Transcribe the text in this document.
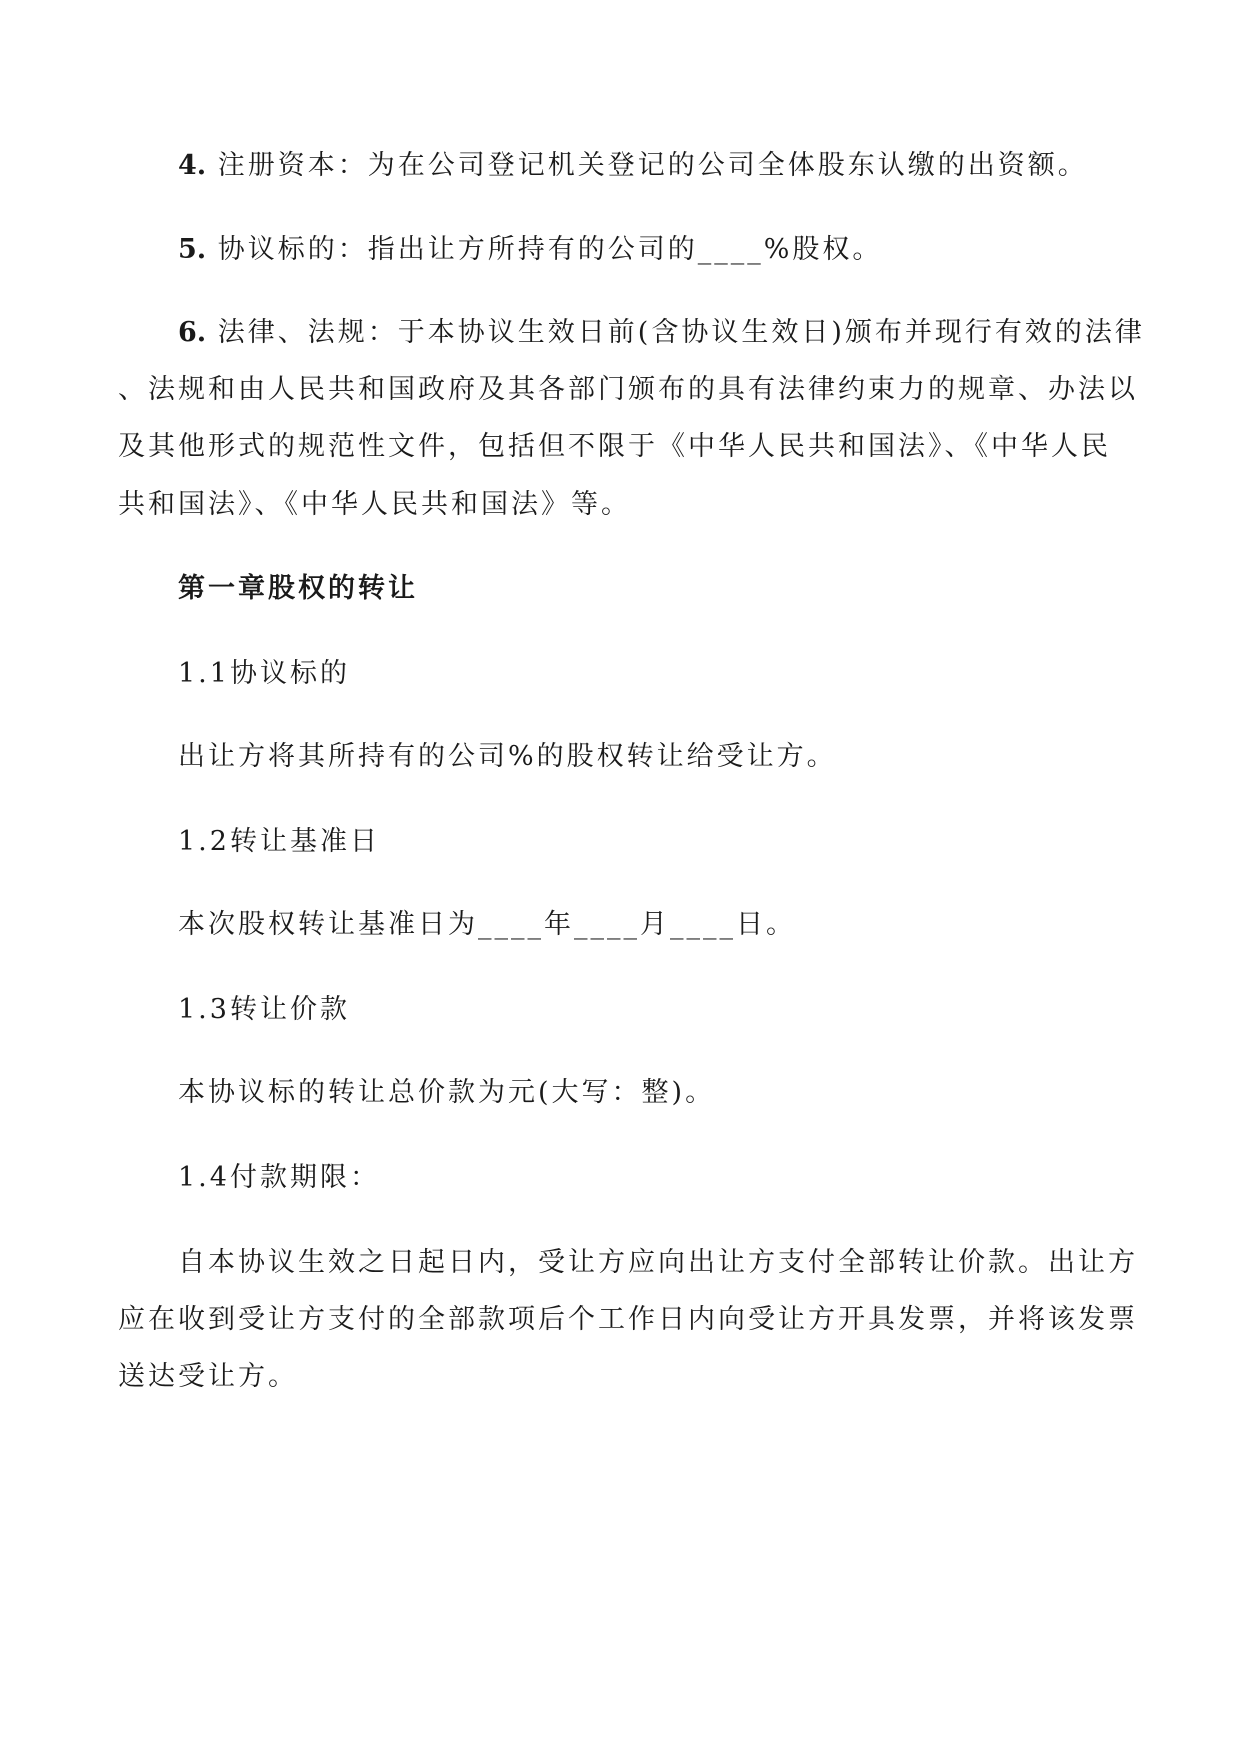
4. 注册资本：为在公司登记机关登记的公司全体股东认缴的出资额。
5. 协议标的：指出让方所持有的公司的____%股权。
6. 法律、法规：于本协议生效日前(含协议生效日)颁布并现行有效的法律
、法规和由人民共和国政府及其各部门颁布的具有法律约束力的规章、办法以
及其他形式的规范性文件，包括但不限于《中华人民共和国法》、《中华人民
共和国法》、《中华人民共和国法》等。
第一章股权的转让
1.1协议标的
出让方将其所持有的公司%的股权转让给受让方。
1.2转让基准日
本次股权转让基准日为____年____月____日。
1.3转让价款
本协议标的转让总价款为元(大写：整)。
1.4付款期限：
自本协议生效之日起日内，受让方应向出让方支付全部转让价款。出让方
应在收到受让方支付的全部款项后个工作日内向受让方开具发票，并将该发票
送达受让方。
